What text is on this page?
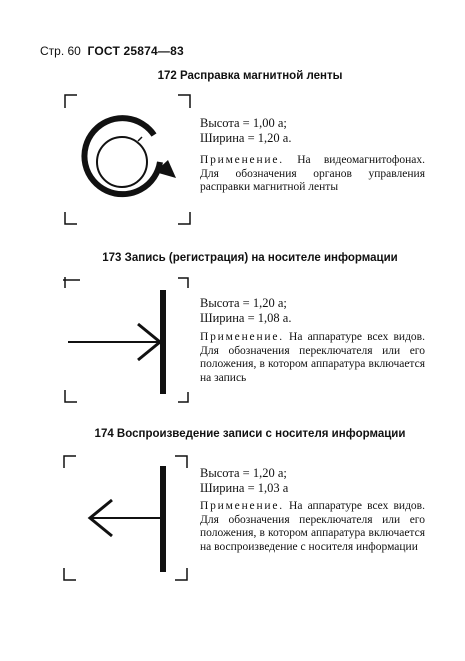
Стр. 60 ГОСТ 25874—83
172 Расправка магнитной ленты
Высота = 1,00 a;
Ширина = 1,20 a.
Применение. На видеомагнитофонах. Для обозначения органов управления расправки магнитной ленты
173 Запись (регистрация) на носителе информации
Высота = 1,20 a;
Ширина = 1,08 a.
Применение. На аппаратуре всех видов. Для обозначения переключателя или его положения, в котором аппаратура включается на запись
174 Воспроизведение записи с носителя информации
Высота = 1,20 a;
Ширина = 1,03 a
Применение. На аппаратуре всех видов. Для обозначения переключателя или его положения, в котором аппаратура включается на воспроизведение с носителя информации
